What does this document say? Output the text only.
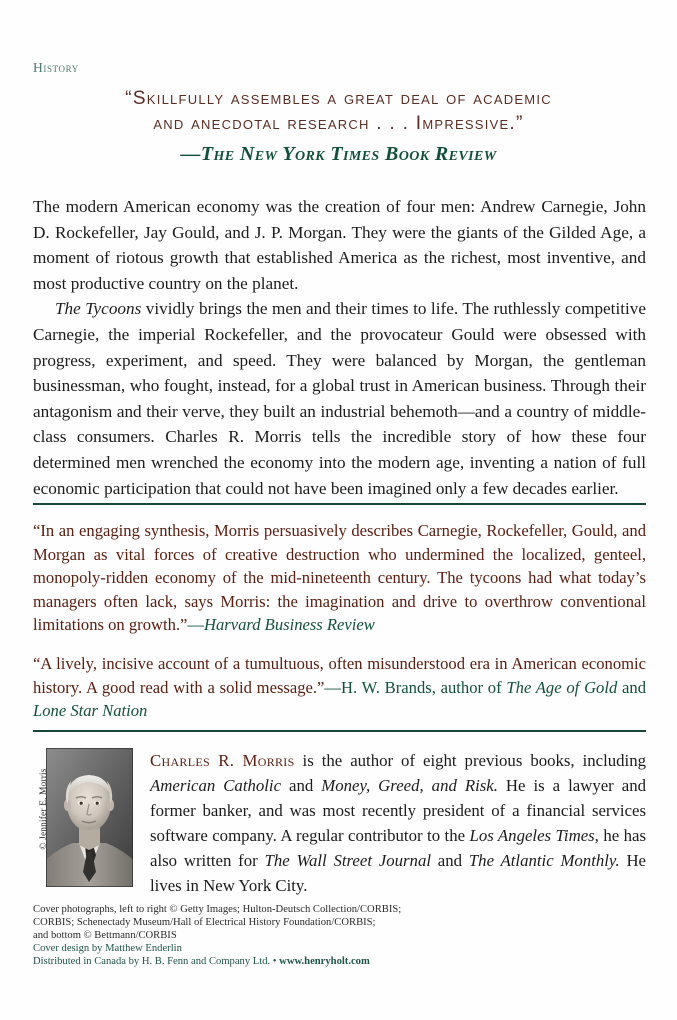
History
“Skillfully assembles a great deal of academic
and anecdotal research . . . Impressive.”
—The New York Times Book Review

The modern American economy was the creation of four men: Andrew Carnegie, John D. Rockefeller, Jay Gould, and J. P. Morgan. They were the giants of the Gilded Age, a moment of riotous growth that established America as the richest, most inventive, and most productive country on the planet.

The Tycoons vividly brings the men and their times to life. The ruthlessly competitive Carnegie, the imperial Rockefeller, and the provocateur Gould were obsessed with progress, experiment, and speed. They were balanced by Morgan, the gentleman businessman, who fought, instead, for a global trust in American business. Through their antagonism and their verve, they built an industrial behemoth—and a country of middle-class consumers. Charles R. Morris tells the incredible story of how these four determined men wrenched the economy into the modern age, inventing a nation of full economic participation that could not have been imagined only a few decades earlier.

“In an engaging synthesis, Morris persuasively describes Carnegie, Rockefeller, Gould, and Morgan as vital forces of creative destruction who undermined the localized, genteel, monopoly-ridden economy of the mid-nineteenth century. The tycoons had what today’s managers often lack, says Morris: the imagination and drive to overthrow conventional limitations on growth.”—Harvard Business Review
“A lively, incisive account of a tumultuous, often misunderstood era in American economic history. A good read with a solid message.”—H. W. Brands, author of The Age of Gold and Lone Star Nation
© Jennifer E. Morris
Charles R. Morris is the author of eight previous books, including American Catholic and Money, Greed, and Risk. He is a lawyer and former banker, and was most recently president of a financial services software company. A regular contributor to the Los Angeles Times, he has also written for The Wall Street Journal and The Atlantic Monthly. He lives in New York City.
Cover photographs, left to right © Getty Images; Hulton-Deutsch Collection/CORBIS;
CORBIS; Schenectady Museum/Hall of Electrical History Foundation/CORBIS;
and bottom © Bettmann/CORBIS
Cover design by Matthew Enderlin
Distributed in Canada by H. B. Fenn and Company Ltd. • www.henryholt.com
